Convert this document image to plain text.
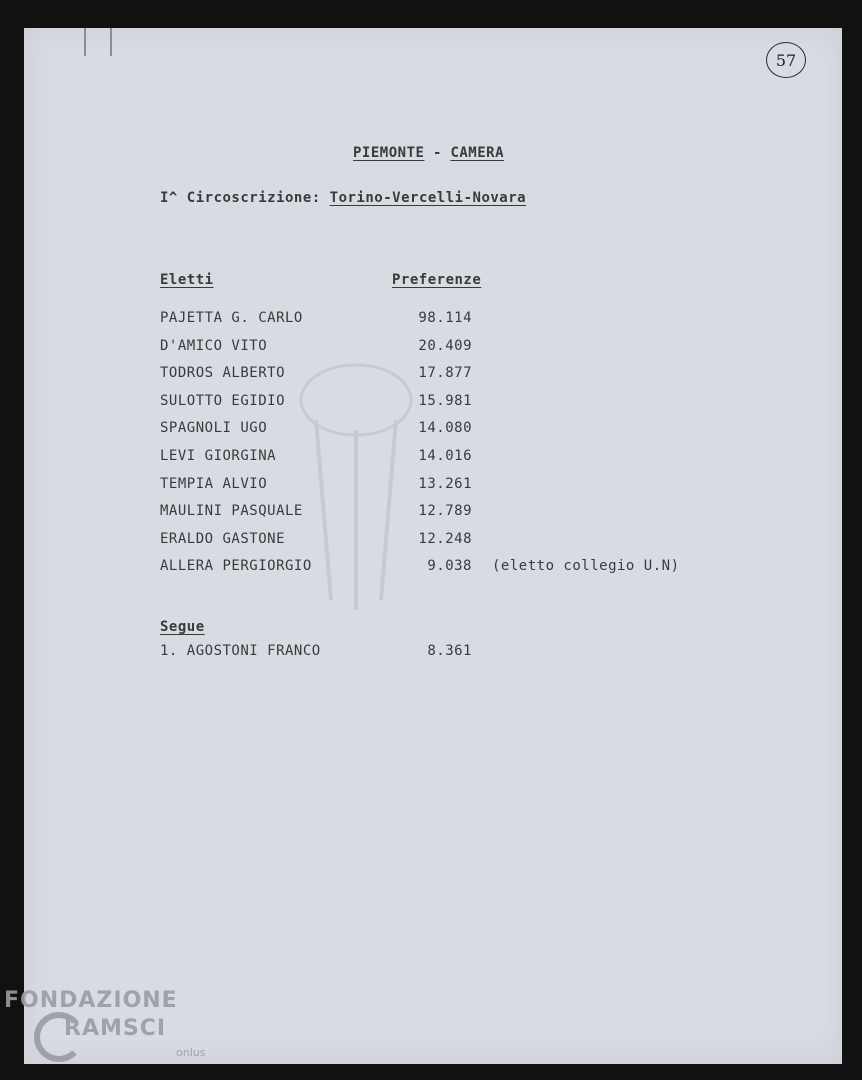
57
PIEMONTE - CAMERA
I^ Circoscrizione: Torino-Vercelli-Novara
Eletti	Preferenze
PAJETTA G. CARLO	98.114
D'AMICO VITO	20.409
TODROS ALBERTO	17.877
SULOTTO EGIDIO	15.981
SPAGNOLI UGO	14.080
LEVI GIORGINA	14.016
TEMPIA ALVIO	13.261
MAULINI PASQUALE	12.789
ERALDO GASTONE	12.248
ALLERA PERGIORGIO	9.038 (eletto collegio U.N)
Segue
1. AGOSTONI FRANCO	8.361
FONDAZIONE
RAMSCI
onlus
